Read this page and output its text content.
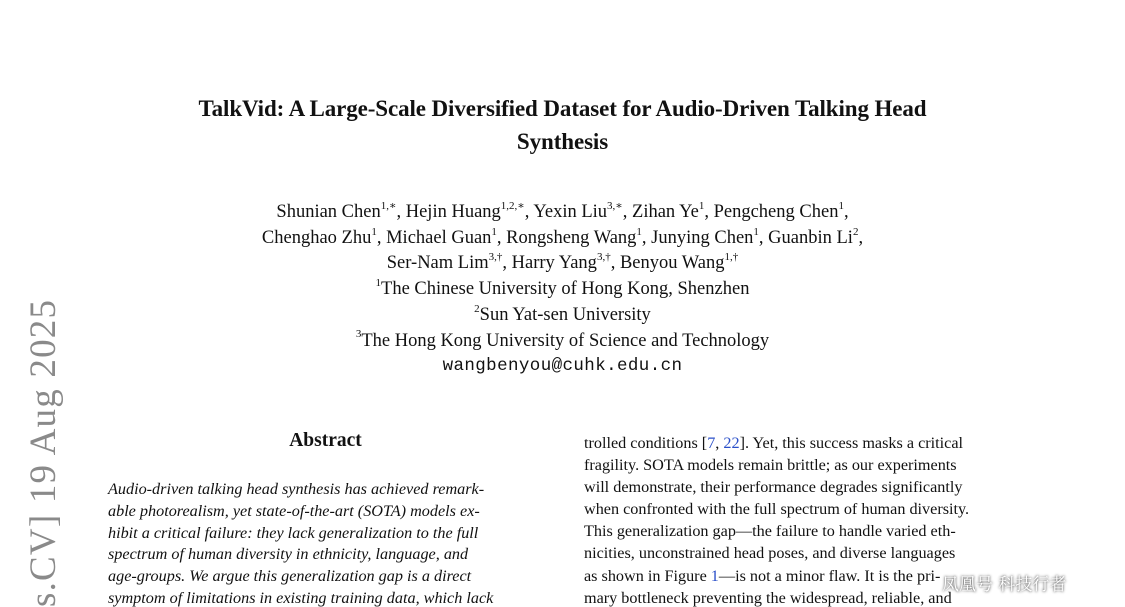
s.CV] 19 Aug 2025
TalkVid: A Large-Scale Diversified Dataset for Audio-Driven Talking Head
Synthesis
Shunian Chen$^{1,∗}$, Hejin Huang$^{1,2,∗}$, Yexin Liu$^{3,∗}$, Zihan Ye$^1$, Pengcheng Chen$^1$,
Chenghao Zhu$^1$, Michael Guan$^1$, Rongsheng Wang$^1$, Junying Chen$^1$, Guanbin Li$^2$,
Ser-Nam Lim$^{3,\dagger}$, Harry Yang$^{3,\dagger}$, Benyou Wang$^{1,\dagger}$
$^1$The Chinese University of Hong Kong, Shenzhen
$^2$Sun Yat-sen University
$^3$The Hong Kong University of Science and Technology
wangbenyou@cuhk.edu.cn
Abstract
Audio-driven talking head synthesis has achieved remark-
able photorealism, yet state-of-the-art (SOTA) models ex-
hibit a critical failure: they lack generalization to the full
spectrum of human diversity in ethnicity, language, and
age-groups. We argue this generalization gap is a direct
symptom of limitations in existing training data, which lack
trolled conditions [7, 22]. Yet, this success masks a critical
fragility. SOTA models remain brittle; as our experiments
will demonstrate, their performance degrades significantly
when confronted with the full spectrum of human diversity.
This generalization gap—the failure to handle varied eth-
nicities, unconstrained head poses, and diverse languages
as shown in Figure 1—is not a minor flaw. It is the pri-
mary bottleneck preventing the widespread, reliable, and
凤凰号 科技行者
